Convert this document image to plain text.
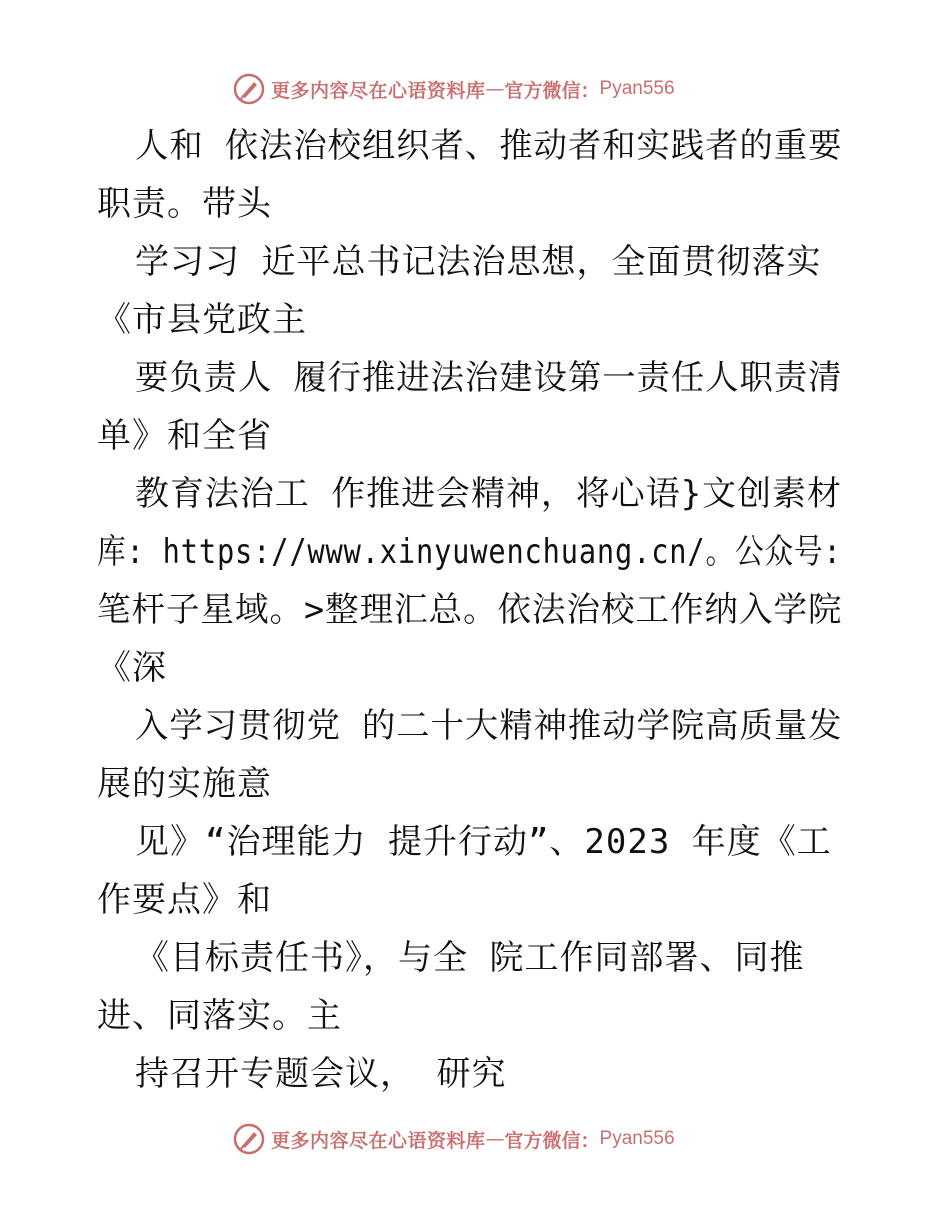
更多内容尽在心语资料库 — 官方微信： Pyan556
人和 依法治校组织者、推动者和实践者的重要
职责。带头
学习习 近平总书记法治思想，全面贯彻落实
《市县党政主
要负责人 履行推进法治建设第一责任人职责清
单》和全省
教育法治工 作推进会精神，将心语}文创素材
库: https://www.xinyuwenchuang.cn/。公众号:
笔杆子星域。>整理汇总。依法治校工作纳入学院
《深
入学习贯彻党 的二十大精神推动学院高质量发
展的实施意
见》“治理能力 提升行动”、2023 年度《工
作要点》和
《目标责任书》，与全 院工作同部署、同推
进、同落实。主
持召开专题会议， 研究
更多内容尽在心语资料库 — 官方微信： Pyan556
